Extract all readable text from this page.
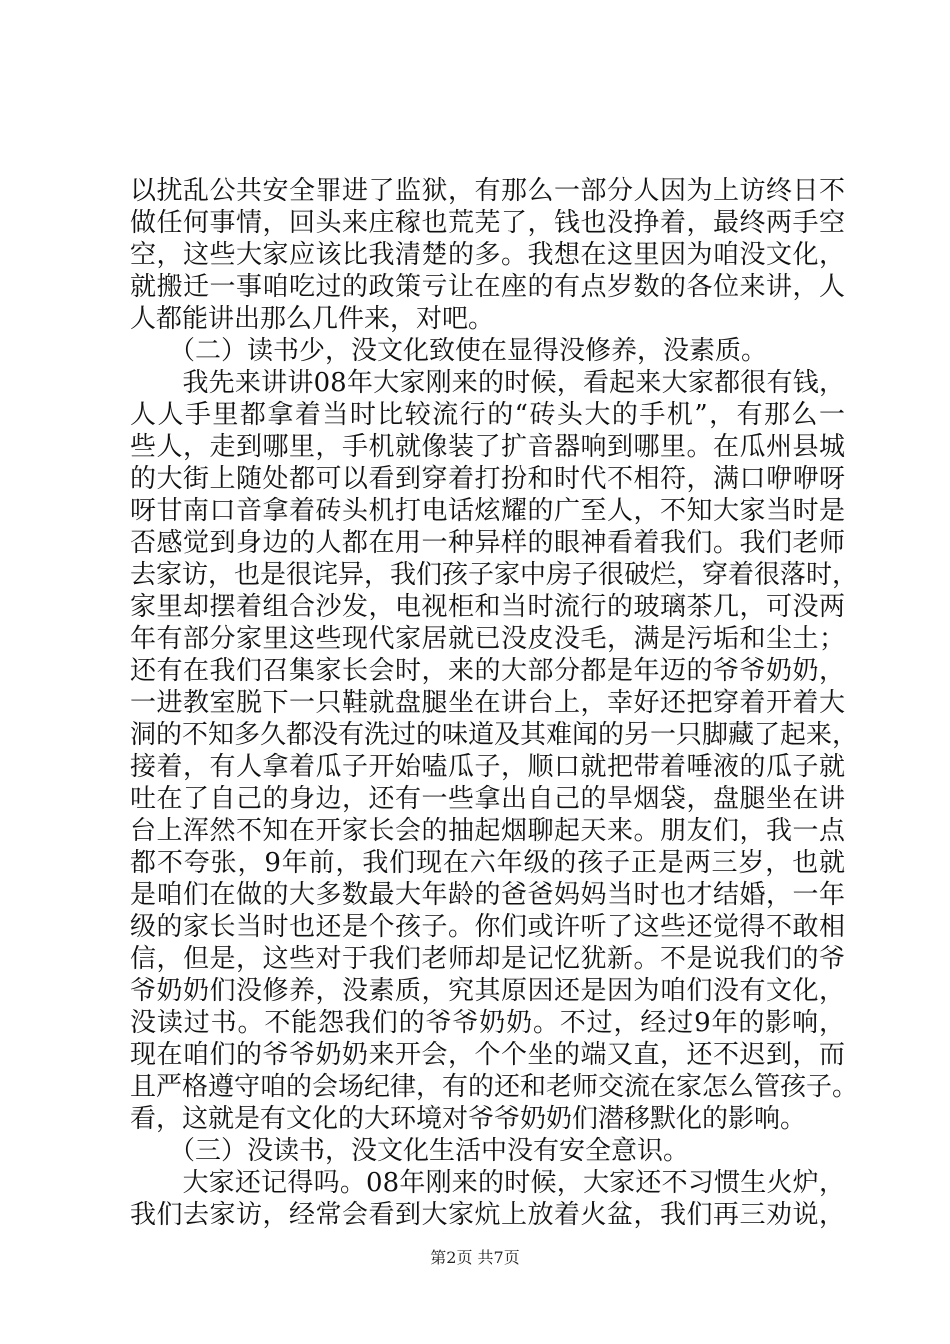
以扰乱公共安全罪进了监狱，有那么一部分人因为上访终日不
做任何事情，回头来庄稼也荒芜了，钱也没挣着，最终两手空
空，这些大家应该比我清楚的多。我想在这里因为咱没文化，
就搬迁一事咱吃过的政策亏让在座的有点岁数的各位来讲，人
人都能讲出那么几件来，对吧。
　　（二）读书少，没文化致使在显得没修养，没素质。
　　我先来讲讲08年大家刚来的时候，看起来大家都很有钱，
人人手里都拿着当时比较流行的“砖头大的手机”，有那么一
些人，走到哪里，手机就像装了扩音器响到哪里。在瓜州县城
的大街上随处都可以看到穿着打扮和时代不相符，满口咿咿呀
呀甘南口音拿着砖头机打电话炫耀的广至人，不知大家当时是
否感觉到身边的人都在用一种异样的眼神看着我们。我们老师
去家访，也是很诧异，我们孩子家中房子很破烂，穿着很落时，
家里却摆着组合沙发，电视柜和当时流行的玻璃茶几，可没两
年有部分家里这些现代家居就已没皮没毛，满是污垢和尘土；
还有在我们召集家长会时，来的大部分都是年迈的爷爷奶奶，
一进教室脱下一只鞋就盘腿坐在讲台上，幸好还把穿着开着大
洞的不知多久都没有洗过的味道及其难闻的另一只脚藏了起来，
接着，有人拿着瓜子开始嗑瓜子，顺口就把带着唾液的瓜子就
吐在了自己的身边，还有一些拿出自己的旱烟袋，盘腿坐在讲
台上浑然不知在开家长会的抽起烟聊起天来。朋友们，我一点
都不夸张，9年前，我们现在六年级的孩子正是两三岁，也就
是咱们在做的大多数最大年龄的爸爸妈妈当时也才结婚，一年
级的家长当时也还是个孩子。你们或许听了这些还觉得不敢相
信，但是，这些对于我们老师却是记忆犹新。不是说我们的爷
爷奶奶们没修养，没素质，究其原因还是因为咱们没有文化，
没读过书。不能怨我们的爷爷奶奶。不过，经过9年的影响，
现在咱们的爷爷奶奶来开会，个个坐的端又直，还不迟到，而
且严格遵守咱的会场纪律，有的还和老师交流在家怎么管孩子。
看，这就是有文化的大环境对爷爷奶奶们潜移默化的影响。
　　（三）没读书，没文化生活中没有安全意识。
　　大家还记得吗。08年刚来的时候，大家还不习惯生火炉，
我们去家访，经常会看到大家炕上放着火盆，我们再三劝说，
第2页 共7页
